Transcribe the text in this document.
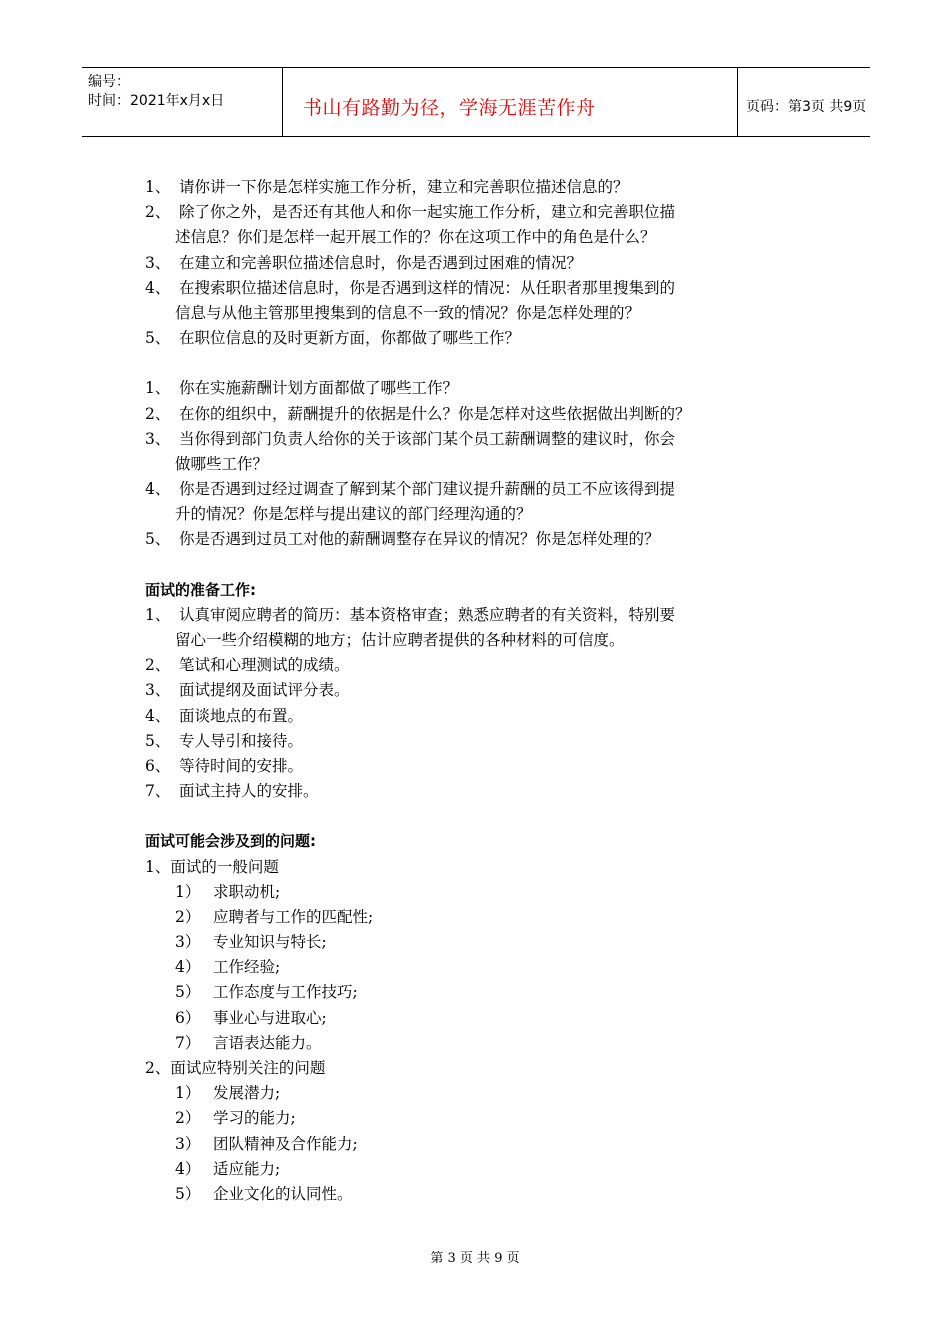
编号：
时间：2021年x月x日	书山有路勤为径，学海无涯苦作舟	页码：第3页 共9页
1、 请你讲一下你是怎样实施工作分析，建立和完善职位描述信息的？
2、 除了你之外，是否还有其他人和你一起实施工作分析，建立和完善职位描
述信息？你们是怎样一起开展工作的？你在这项工作中的角色是什么？
3、 在建立和完善职位描述信息时，你是否遇到过困难的情况？
4、 在搜索职位描述信息时，你是否遇到这样的情况：从任职者那里搜集到的
信息与从他主管那里搜集到的信息不一致的情况？你是怎样处理的？
5、 在职位信息的及时更新方面，你都做了哪些工作？
1、 你在实施薪酬计划方面都做了哪些工作？
2、 在你的组织中，薪酬提升的依据是什么？你是怎样对这些依据做出判断的？
3、 当你得到部门负责人给你的关于该部门某个员工薪酬调整的建议时，你会
做哪些工作？
4、 你是否遇到过经过调查了解到某个部门建议提升薪酬的员工不应该得到提
升的情况？你是怎样与提出建议的部门经理沟通的？
5、 你是否遇到过员工对他的薪酬调整存在异议的情况？你是怎样处理的？
面试的准备工作:
1、 认真审阅应聘者的简历：基本资格审查；熟悉应聘者的有关资料，特别要
留心一些介绍模糊的地方；估计应聘者提供的各种材料的可信度。
2、 笔试和心理测试的成绩。
3、 面试提纲及面试评分表。
4、 面谈地点的布置。
5、 专人导引和接待。
6、 等待时间的安排。
7、 面试主持人的安排。
面试可能会涉及到的问题:
1、面试的一般问题
1） 求职动机;
2） 应聘者与工作的匹配性;
3） 专业知识与特长;
4） 工作经验;
5） 工作态度与工作技巧;
6） 事业心与进取心;
7） 言语表达能力。
2、面试应特别关注的问题
1） 发展潜力;
2） 学习的能力;
3） 团队精神及合作能力;
4） 适应能力;
5） 企业文化的认同性。
第 3 页 共 9 页
